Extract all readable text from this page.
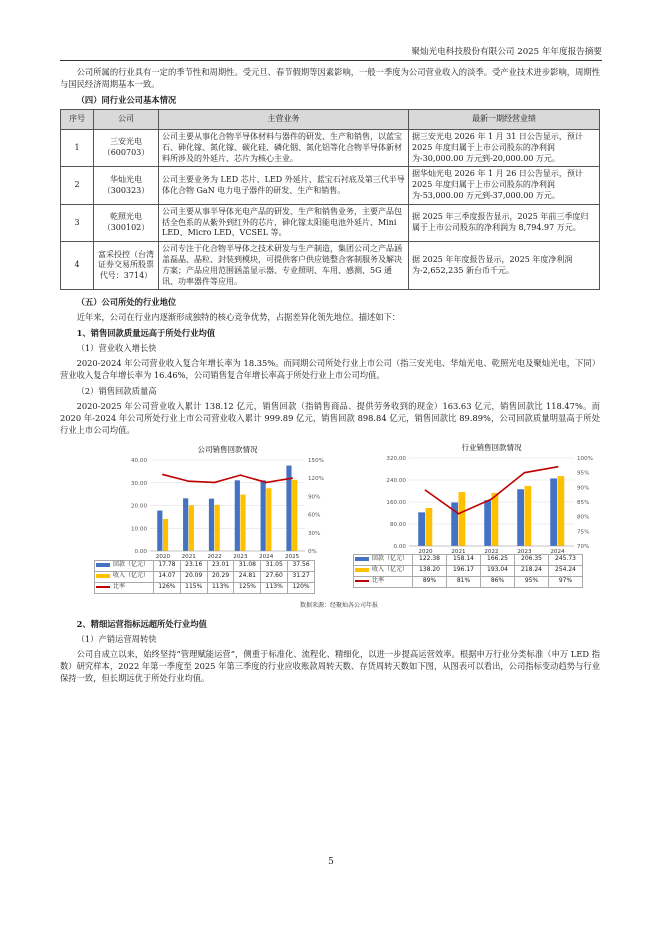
聚灿光电科技股份有限公司 2025 年年度报告摘要

公司所属的行业具有一定的季节性和周期性。受元旦、春节假期等因素影响，一般一季度为公司营业收入的淡季。受产业技术进步影响，周期性与国民经济周期基本一致。

（四）同行业公司基本情况

序号	公司	主营业务	最新一期经营业绩
1	三安光电（600703）	公司主要从事化合物半导体材料与器件的研发、生产和销售，以蓝宝石、砷化镓、氮化镓、碳化硅、磷化铟、氮化铝等化合物半导体新材料所涉及的外延片、芯片为核心主业。	据三安光电 2026 年 1 月 31 日公告显示，预计 2025 年度归属于上市公司股东的净利润为-30,000.00 万元到-20,000.00 万元。
2	华灿光电（300323）	公司主要业务为 LED 芯片、LED 外延片、蓝宝石衬底及第三代半导体化合物 GaN 电力电子器件的研发、生产和销售。	据华灿光电 2026 年 1 月 26 日公告显示，预计 2025 年度归属于上市公司股东的净利润为-53,000.00 万元到-37,000.00 万元。
3	乾照光电（300102）	公司主要从事半导体光电产品的研发、生产和销售业务，主要产品包括全色系的从紫外到红外的芯片，砷化镓太阳能电池外延片、Mini LED、Micro LED、VCSEL 等。	据 2025 年三季度报告显示，2025 年前三季度归属于上市公司股东的净利润为 8,794.97 万元。
4	富采投控（台湾证券交易所股票代号：3714）	公司专注于化合物半导体之技术研发与生产制造，集团公司之产品涵盖磊晶、晶粒、封装到模块，可提供客户供应链整合客制服务及解决方案；产品应用范围涵盖显示器、专业照明、车用、感测、5G 通讯、功率器件等应用。	据 2025 年年度报告显示，2025 年度净利润为-2,652,235 新台币千元。

（五）公司所处的行业地位

近年来，公司在行业内逐渐形成独特的核心竞争优势，占据差异化领先地位。描述如下：

1、销售回款质量远高于所处行业均值

（1）营业收入增长快

2020-2024 年公司营业收入复合年增长率为 18.35%。而同期公司所处行业上市公司（指三安光电、华灿光电、乾照光电及聚灿光电，下同）营业收入复合年增长率为 16.46%，公司销售复合年增长率高于所处行业上市公司均值。

（2）销售回款质量高

2020-2025 年公司营业收入累计 138.12 亿元，销售回款（指销售商品、提供劳务收到的现金）163.63 亿元，销售回款比 118.47%。而 2020 年-2024 年公司所处行业上市公司营业收入累计 999.89 亿元，销售回款 898.84 亿元，销售回款比 89.89%，公司回款质量明显高于所处行业上市公司均值。

公司销售回款情况
0.00
10.00
20.00
30.00
40.00
0%
30%
60%
90%
120%
150%
2020 2021 2022 2023 2024 2025
回款（亿元）	17.78	23.16	23.01	31.08	31.05	37.56
收入（亿元）	14.07	20.09	20.29	24.81	27.60	31.27
比率	126%	115%	113%	125%	113%	120%
行业销售回款情况
0.00
80.00
160.00
240.00
320.00
70%
75%
80%
85%
90%
95%
100%
2020	2021	2022	2023	2024
回款（亿元）	122.38	158.14	166.25	206.35	245.73
收入（亿元）	138.20	196.17	193.04	218.24	254.24
比率	89%	81%	86%	95%	97%
数据来源：经聚灿各公司年报

2、精细运营指标远超所处行业均值

（1）产销运营周转快

公司自成立以来，始终坚持“管理赋能运营”，侧重于标准化、流程化、精细化，以进一步提高运营效率。根据申万行业分类标准（申万 LED 指数）研究样本，2022 年第一季度至 2025 年第三季度的行业应收账款周转天数、存货周转天数如下图，从图表可以看出，公司指标变动趋势与行业保持一致，但长期远优于所处行业均值。

5
